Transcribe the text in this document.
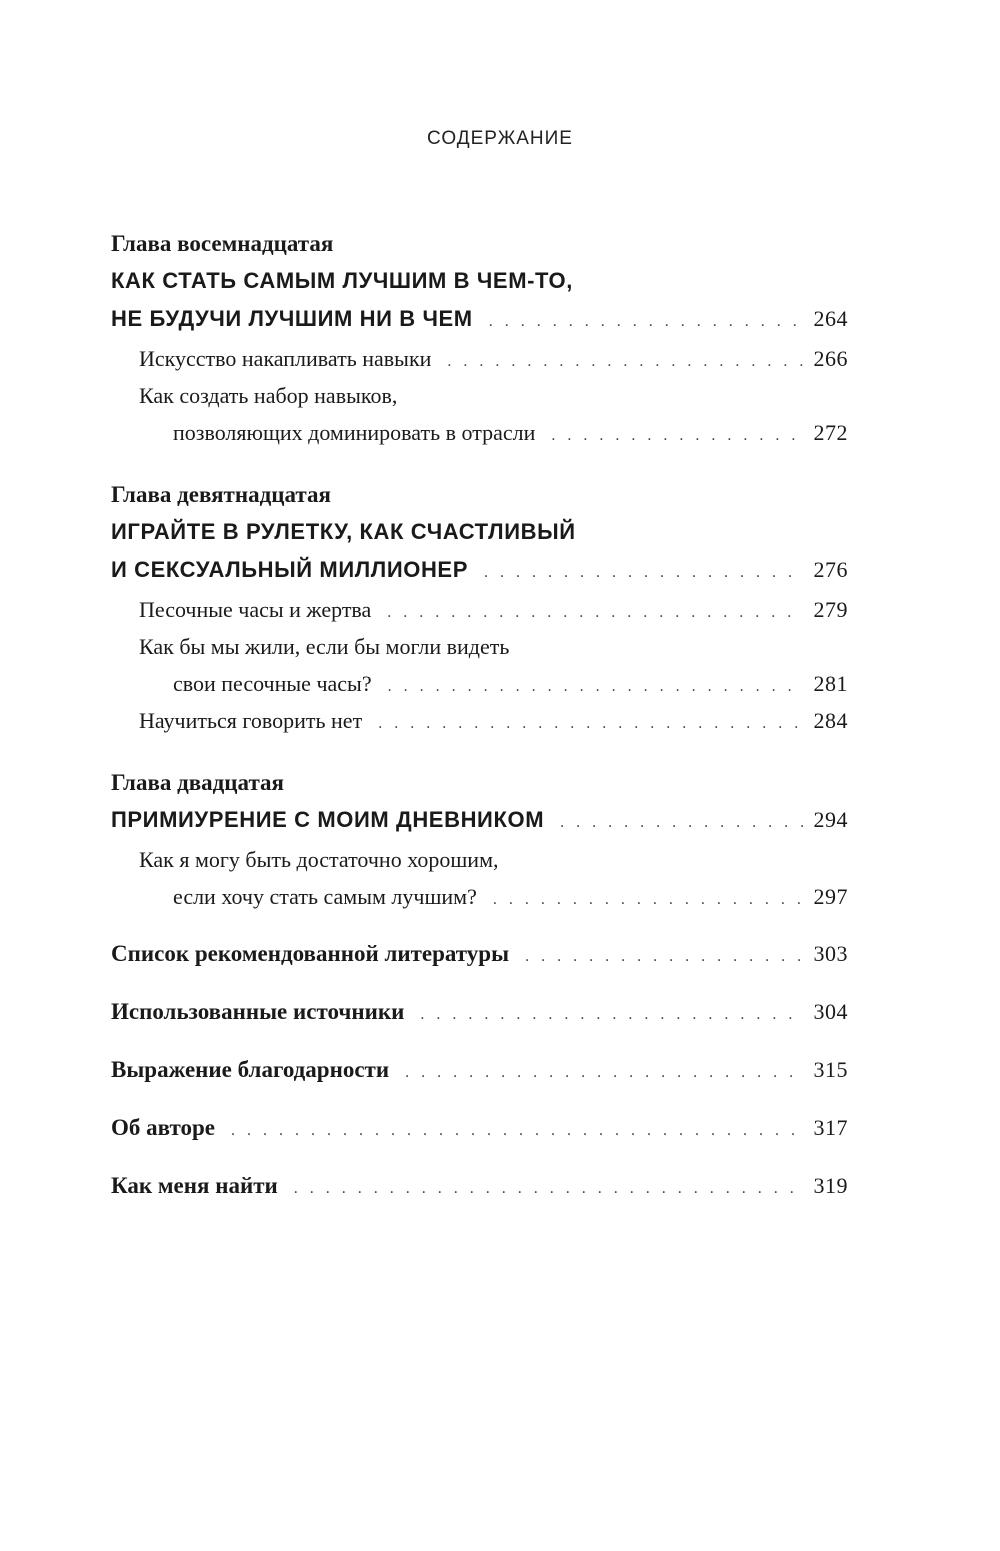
СОДЕРЖАНИЕ
Глава восемнадцатая
КАК СТАТЬ САМЫМ ЛУЧШИМ В ЧЕМ-ТО,
НЕ БУДУЧИ ЛУЧШИМ НИ В ЧЕМ . . .	264
Искусство накапливать навыки . . .	266
Как создать набор навыков,
позволяющих доминировать в отрасли . . .	272
Глава девятнадцатая
ИГРАЙТЕ В РУЛЕТКУ, КАК СЧАСТЛИВЫЙ
И СЕКСУАЛЬНЫЙ МИЛЛИОНЕР . . .	276
Песочные часы и жертва . . .	279
Как бы мы жили, если бы могли видеть
свои песочные часы? . . .	281
Научиться говорить нет . . .	284
Глава двадцатая
ПРИМИУРЕНИЕ С МОИМ ДНЕВНИКОМ . . .	294
Как я могу быть достаточно хорошим,
если хочу стать самым лучшим? . . .	297
Список рекомендованной литературы . . .	303
Использованные источники . . .	304
Выражение благодарности . . .	315
Об авторе . . .	317
Как меня найти . . .	319
